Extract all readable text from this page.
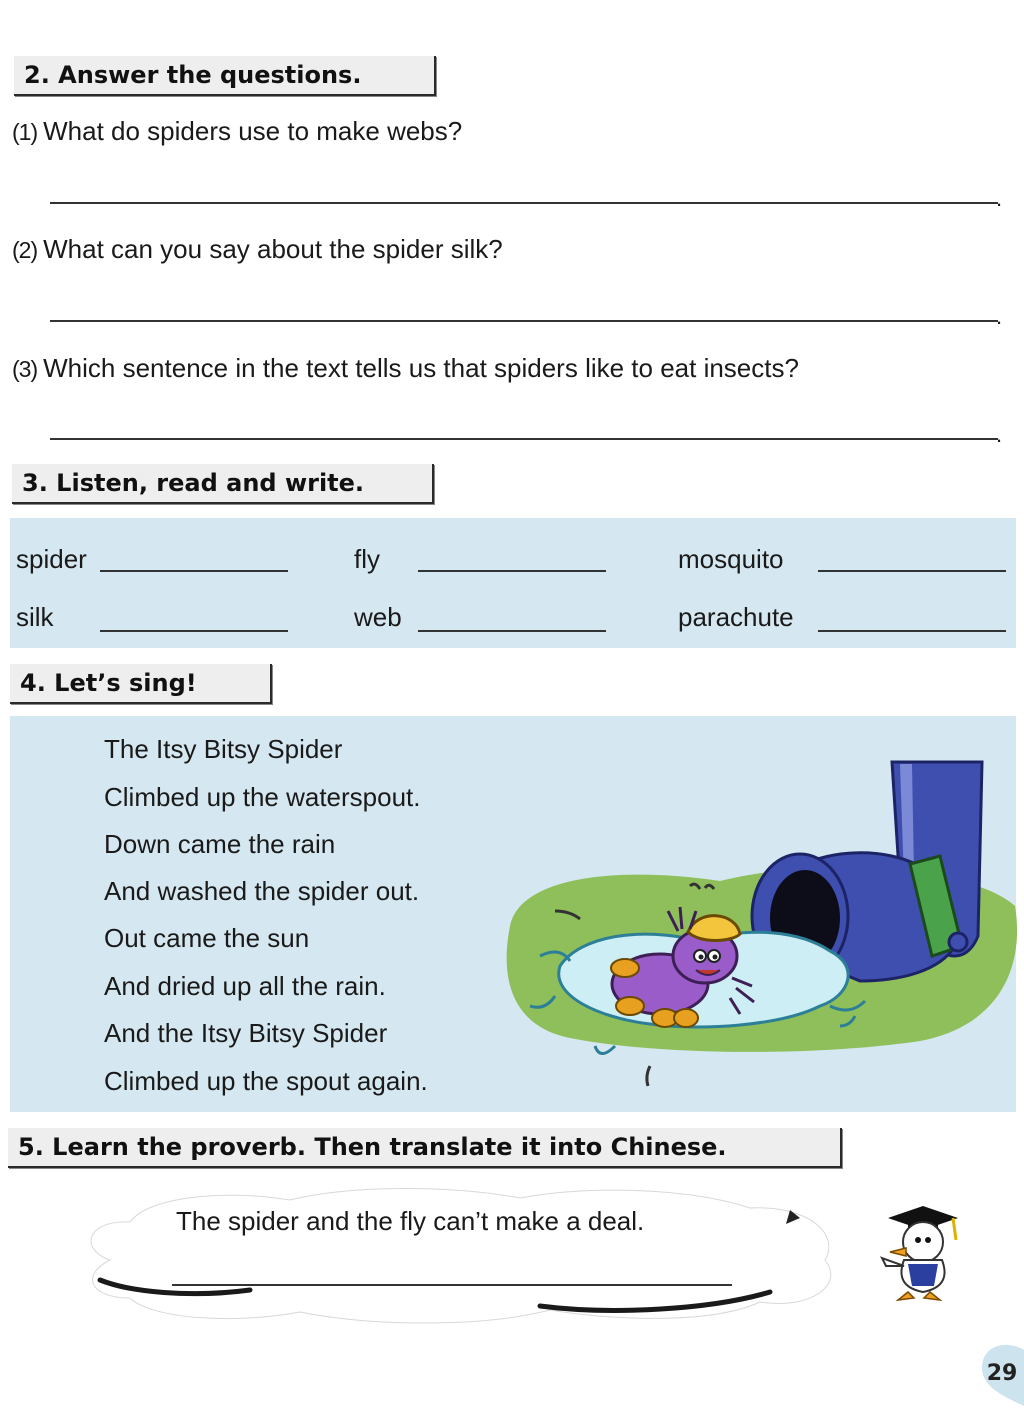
2. Answer the questions.
(1) What do spiders use to make webs?
.
(2) What can you say about the spider silk?
.
(3) Which sentence in the text tells us that spiders like to eat insects?
.
3. Listen, read and write.
spider	fly	mosquito
silk	web	parachute
4. Let’s sing!
The Itsy Bitsy Spider
Climbed up the waterspout.
Down came the rain
And washed the spider out.
Out came the sun
And dried up all the rain.
And the Itsy Bitsy Spider
Climbed up the spout again.
5. Learn the proverb. Then translate it into Chinese.
The spider and the fly can’t make a deal.
29
